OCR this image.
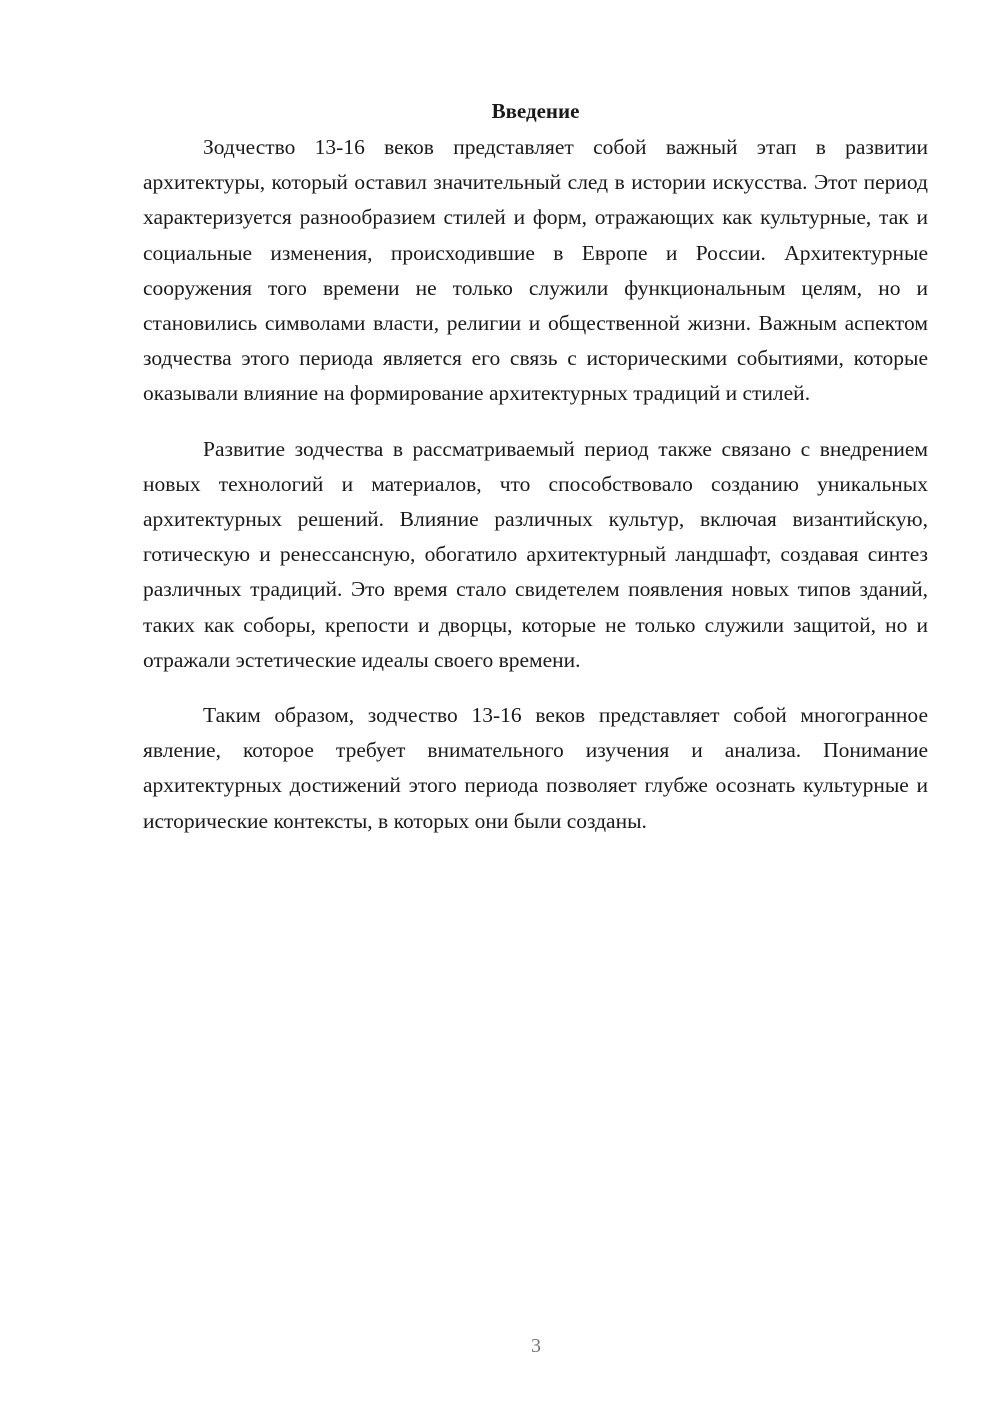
Введение

Зодчество 13-16 веков представляет собой важный этап в развитии архитектуры, который оставил значительный след в истории искусства. Этот период характеризуется разнообразием стилей и форм, отражающих как культурные, так и социальные изменения, происходившие в Европе и России. Архитектурные сооружения того времени не только служили функциональным целям, но и становились символами власти, религии и общественной жизни. Важным аспектом зодчества этого периода является его связь с историческими событиями, которые оказывали влияние на формирование архитектурных традиций и стилей.

Развитие зодчества в рассматриваемый период также связано с внедрением новых технологий и материалов, что способствовало созданию уникальных архитектурных решений. Влияние различных культур, включая византийскую, готическую и ренессансную, обогатило архитектурный ландшафт, создавая синтез различных традиций. Это время стало свидетелем появления новых типов зданий, таких как соборы, крепости и дворцы, которые не только служили защитой, но и отражали эстетические идеалы своего времени.

Таким образом, зодчество 13-16 веков представляет собой многогранное явление, которое требует внимательного изучения и анализа. Понимание архитектурных достижений этого периода позволяет глубже осознать культурные и исторические контексты, в которых они были созданы.

3
